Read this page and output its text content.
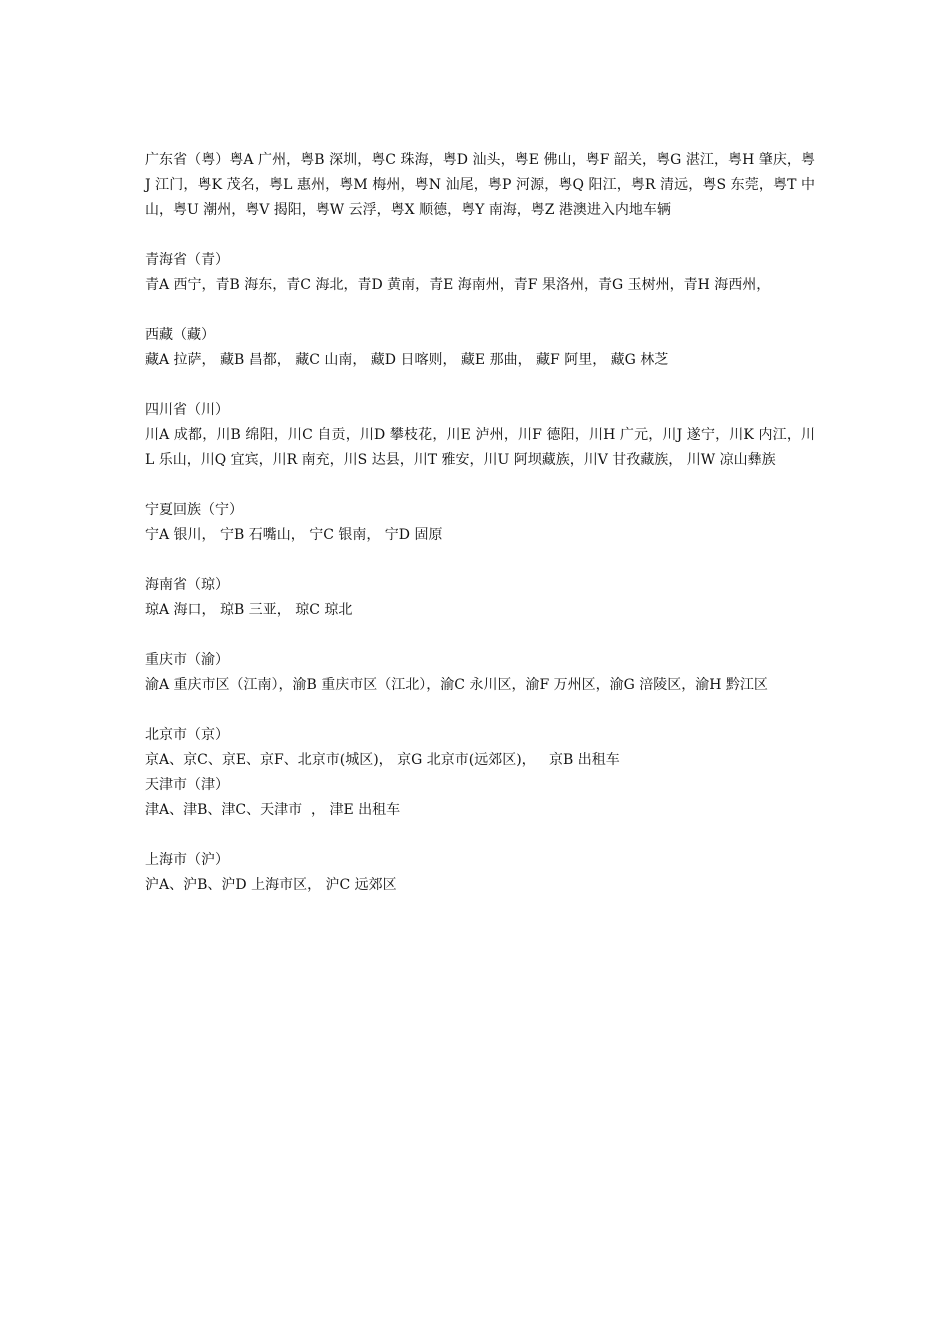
广东省（粤）粤A 广州，粤B 深圳，粤C 珠海，粤D 汕头，粤E 佛山，粤F 韶关，粤G 湛江，粤H 肇庆，粤J 江门，粤K 茂名，粤L 惠州，粤M 梅州，粤N 汕尾，粤P 河源，粤Q 阳江，粤R 清远，粤S 东莞，粤T 中山，粤U 潮州，粤V 揭阳，粤W 云浮，粤X 顺德，粤Y 南海，粤Z 港澳进入内地车辆

青海省（青）

青A 西宁，青B 海东，青C 海北，青D 黄南，青E 海南州，青F 果洛州，青G 玉树州，青H 海西州，

西藏（藏）

藏A 拉萨， 藏B 昌都， 藏C 山南， 藏D 日喀则， 藏E 那曲， 藏F 阿里， 藏G 林芝

四川省（川）

川A 成都，川B 绵阳，川C 自贡，川D 攀枝花，川E 泸州，川F 德阳，川H 广元，川J 遂宁，川K 内江，川L 乐山，川Q 宜宾，川R 南充，川S 达县，川T 雅安，川U 阿坝藏族，川V 甘孜藏族， 川W 凉山彝族

宁夏回族（宁）

宁A 银川， 宁B 石嘴山， 宁C 银南， 宁D 固原

海南省（琼）

琼A 海口， 琼B 三亚， 琼C 琼北

重庆市（渝）

渝A 重庆市区（江南），渝B 重庆市区（江北），渝C 永川区，渝F 万州区，渝G 涪陵区，渝H 黔江区

北京市（京）

京A、京C、京E、京F、北京市(城区)， 京G 北京市(远郊区)，   京B 出租车

天津市（津）

津A、津B、津C、天津市  ， 津E 出租车

上海市（沪）

沪A、沪B、沪D 上海市区， 沪C 远郊区
